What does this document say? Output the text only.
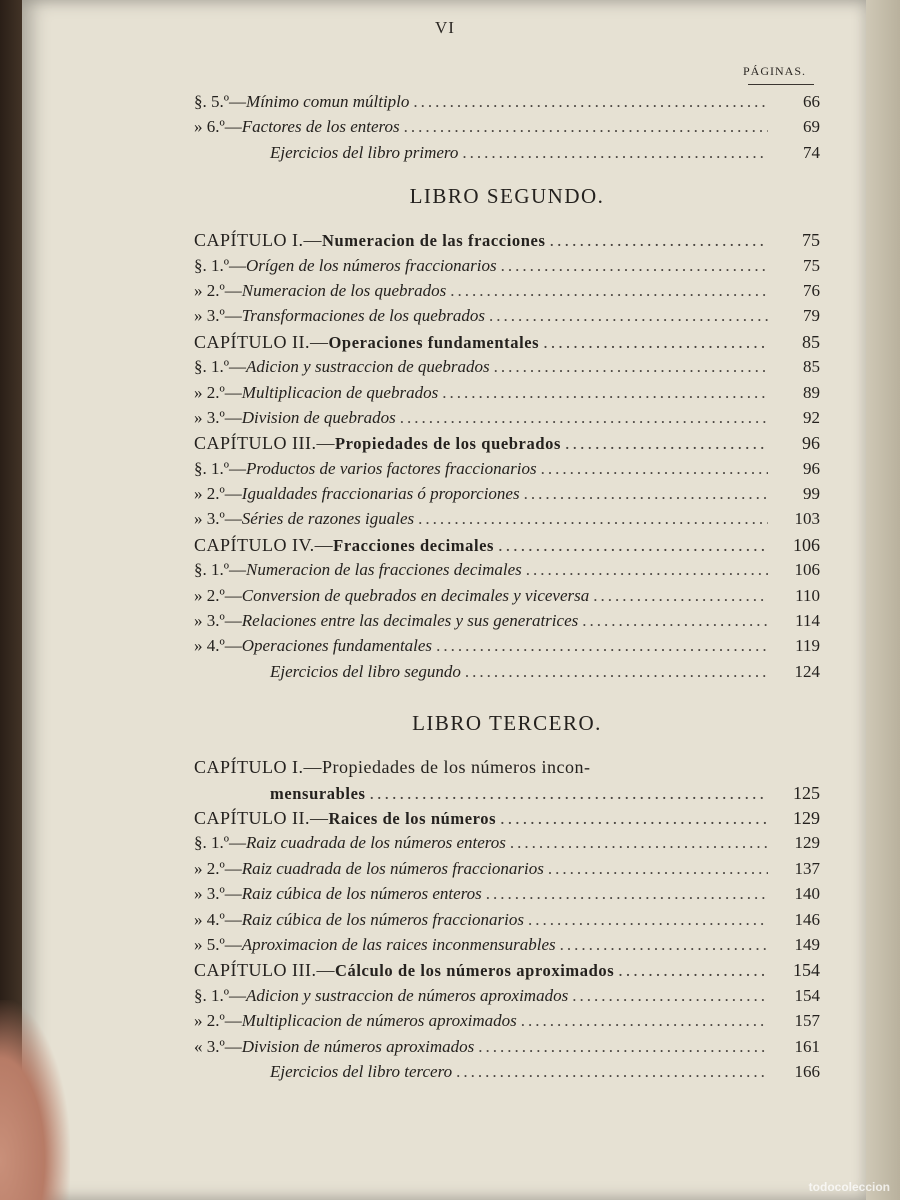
VI
PÁGINAS.
§. 5.º— Mínimo comun múltiplo .....	66
» 6.º— Factores de los enteros .....	69
Ejercicios del libro primero .....	74
LIBRO SEGUNDO.
CAPÍTULO I.— Numeracion de las fracciones .....	75
§. 1.º— Orígen de los números fraccionarios .....	75
» 2.º— Numeracion de los quebrados .....	76
» 3.º— Transformaciones de los quebrados .....	79
CAPÍTULO II.— Operaciones fundamentales .....	85
§. 1.º— Adicion y sustraccion de quebrados .....	85
» 2.º— Multiplicacion de quebrados .....	89
» 3.º— Division de quebrados .....	92
CAPÍTULO III.— Propiedades de los quebrados .....	96
§. 1.º— Productos de varios factores fraccionarios .....	96
» 2.º— Igualdades fraccionarias ó proporciones .....	99
» 3.º— Séries de razones iguales .....	103
CAPÍTULO IV.— Fracciones decimales .....	106
§. 1.º— Numeracion de las fracciones decimales .....	106
» 2.º— Conversion de quebrados en decimales y viceversa .....	110
» 3.º— Relaciones entre las decimales y sus generatrices .....	114
» 4.º— Operaciones fundamentales .....	119
Ejercicios del libro segundo .....	124
LIBRO TERCERO.
CAPÍTULO I.—Propiedades de los números incon-
mensurables .....	125
CAPÍTULO II.— Raices de los números .....	129
§. 1.º— Raiz cuadrada de los números enteros .....	129
» 2.º— Raiz cuadrada de los números fraccionarios .....	137
» 3.º— Raiz cúbica de los números enteros .....	140
» 4.º— Raiz cúbica de los números fraccionarios .....	146
» 5.º— Aproximacion de las raices inconmensurables .....	149
CAPÍTULO III.— Cálculo de los números aproximados .....	154
§. 1.º— Adicion y sustraccion de números aproximados .....	154
» 2.º— Multiplicacion de números aproximados .....	157
« 3.º— Division de números aproximados .....	161
Ejercicios del libro tercero .....	166
todocoleccion
